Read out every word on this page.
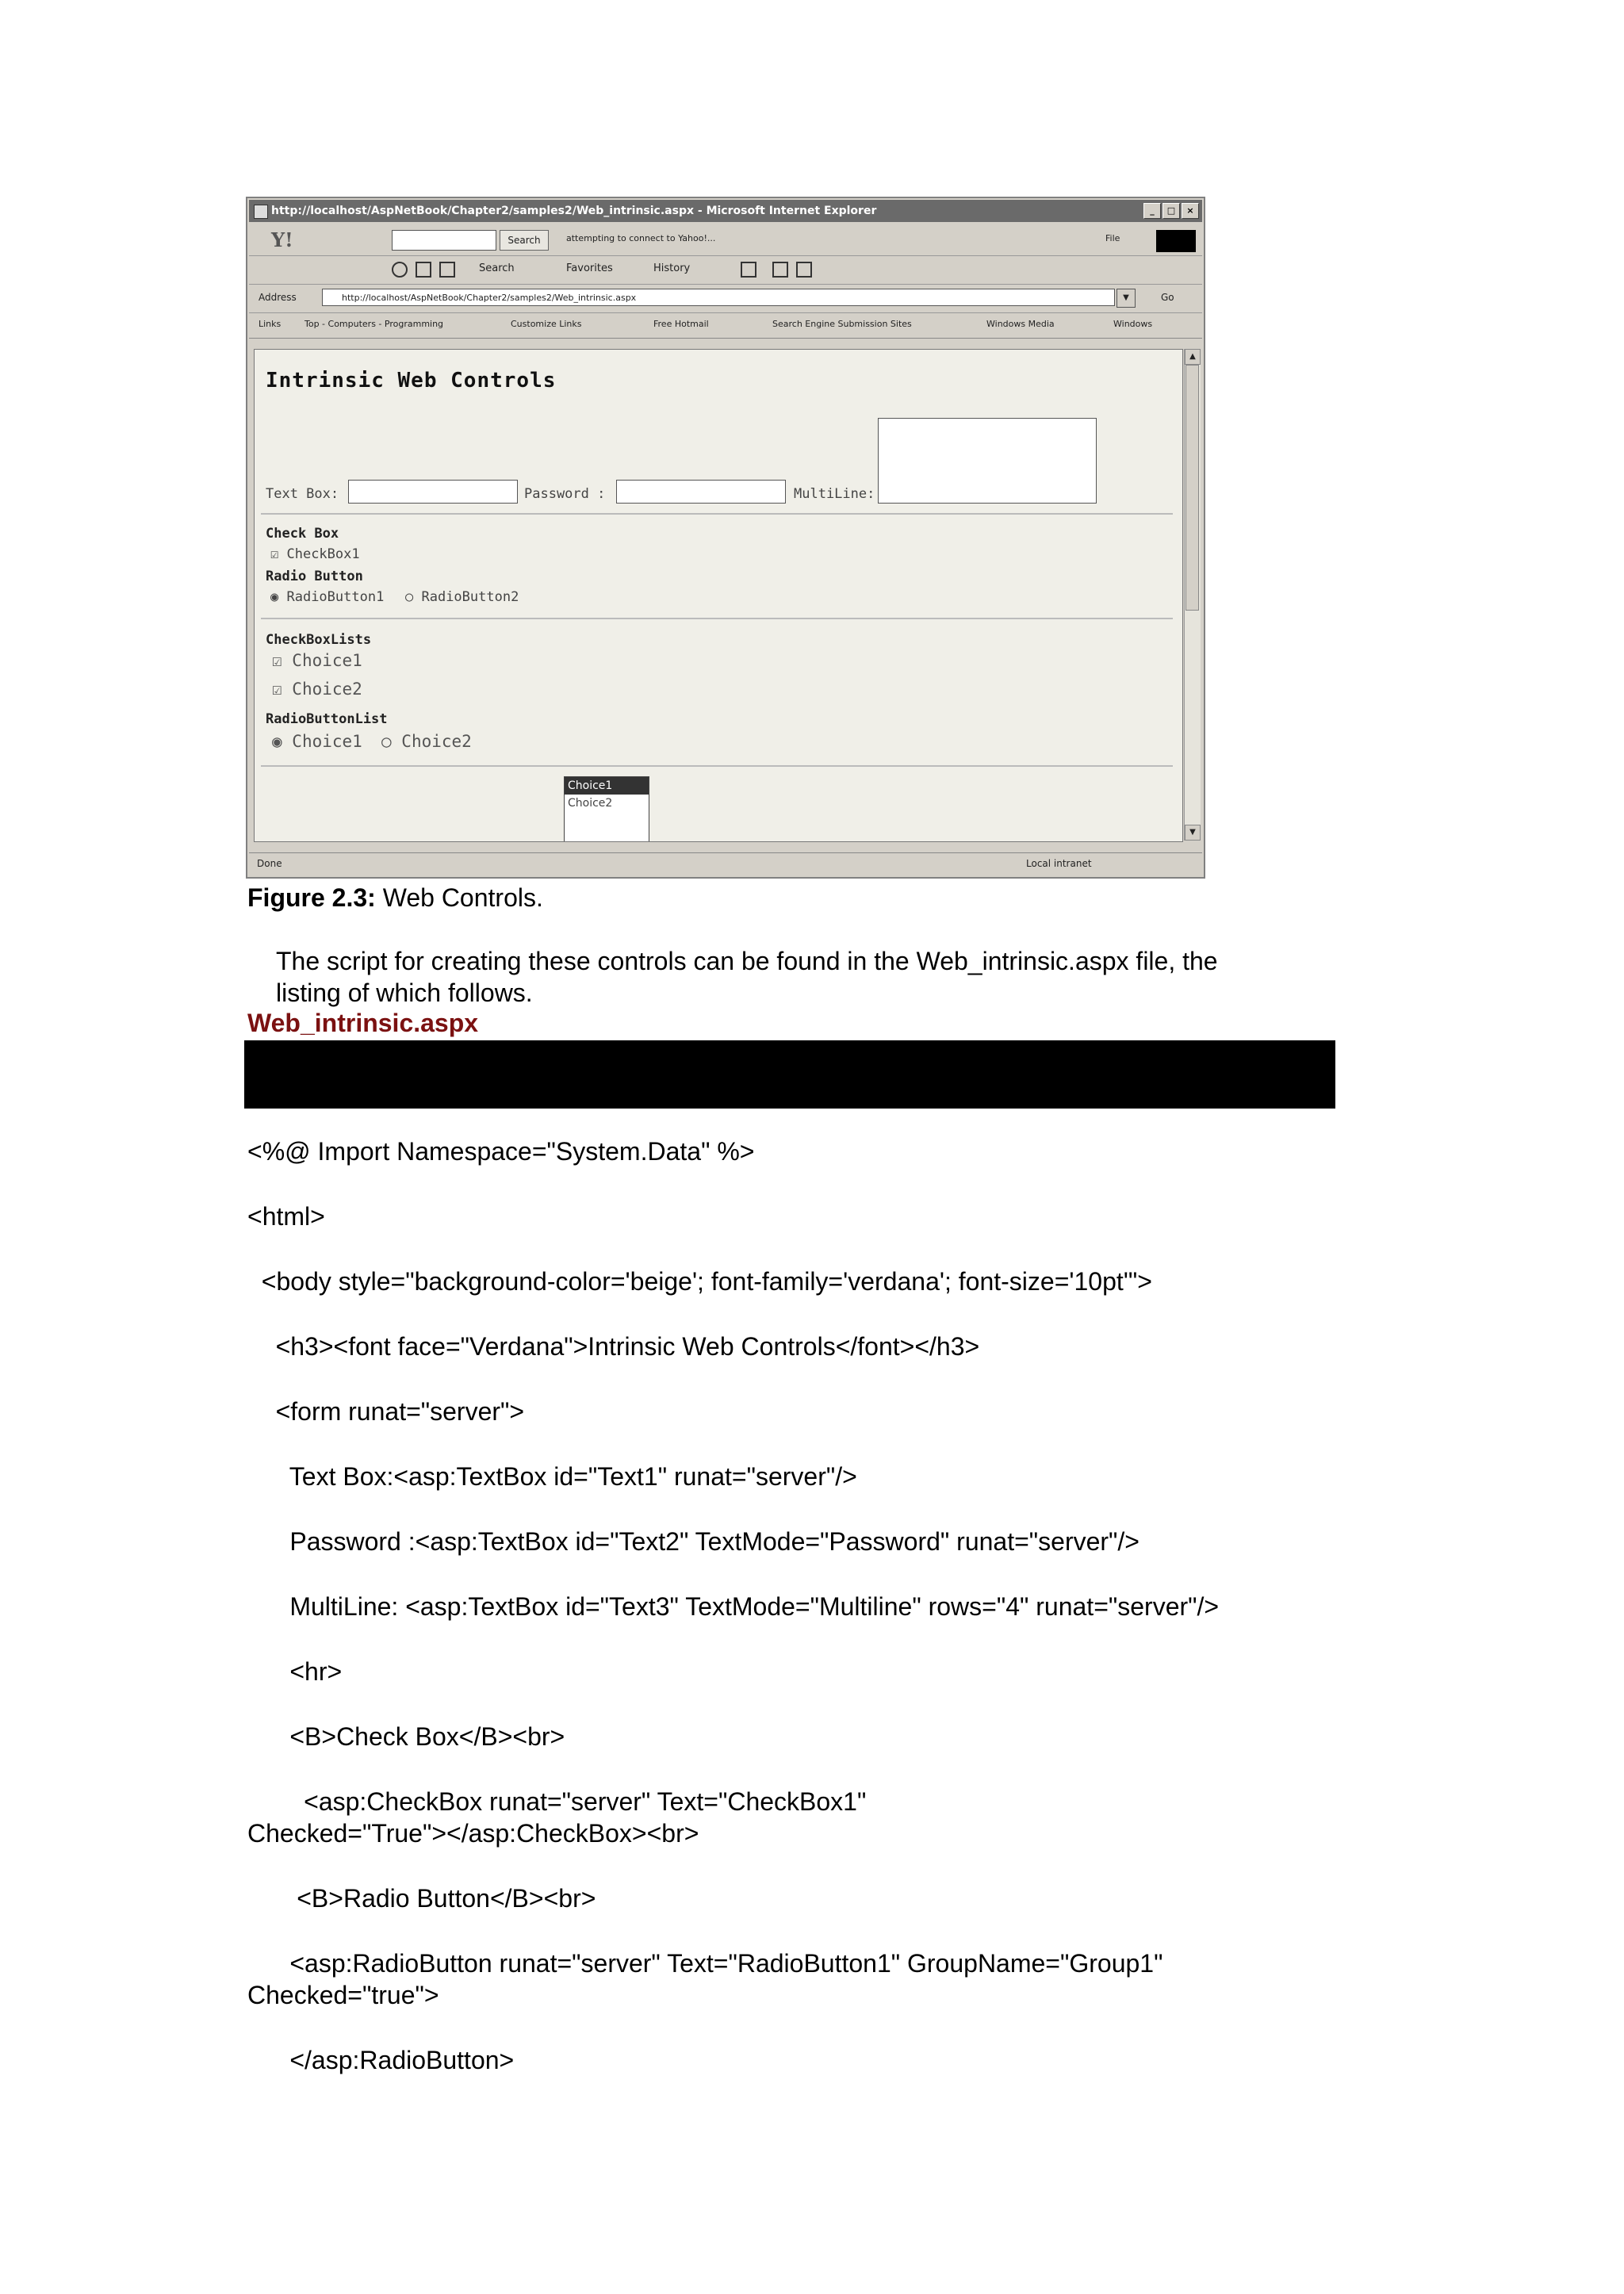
http://localhost/AspNetBook/Chapter2/samples2/Web_intrinsic.aspx - Microsoft Internet Explorer	_	□	×
Y!	Search	attempting to connect to Yahoo!...	File
Search	Favorites	History
Address	http://localhost/AspNetBook/Chapter2/samples2/Web_intrinsic.aspx	▼	Go
Links	Top - Computers - Programming	Customize Links	Free Hotmail	Search Engine Submission Sites	Windows Media	Windows
Intrinsic Web Controls
Text Box:	Password :	MultiLine:
Check Box
☑ CheckBox1
Radio Button
◉ RadioButton1 ○ RadioButton2
CheckBoxLists
☑ Choice1
☑ Choice2
RadioButtonList
◉ Choice1 ○ Choice2
Choice1
Choice2
▲
▼
Done	Local intranet
Figure 2.3: Web Controls.
The script for creating these controls can be found in the Web_intrinsic.aspx file, the
listing of which follows.
Web_intrinsic.aspx
<%@ Import Namespace="System.Data" %>
<html>
<body style="background-color='beige'; font-family='verdana'; font-size='10pt'">
<h3><font face="Verdana">Intrinsic Web Controls</font></h3>
<form runat="server">
Text Box:<asp:TextBox id="Text1" runat="server"/>
Password :<asp:TextBox id="Text2" TextMode="Password" runat="server"/>
MultiLine: <asp:TextBox id="Text3" TextMode="Multiline" rows="4" runat="server"/>
<hr>
<B>Check Box</B><br>
<asp:CheckBox runat="server" Text="CheckBox1"
Checked="True"></asp:CheckBox><br>
<B>Radio Button</B><br>
<asp:RadioButton runat="server" Text="RadioButton1" GroupName="Group1"
Checked="true">
</asp:RadioButton>
